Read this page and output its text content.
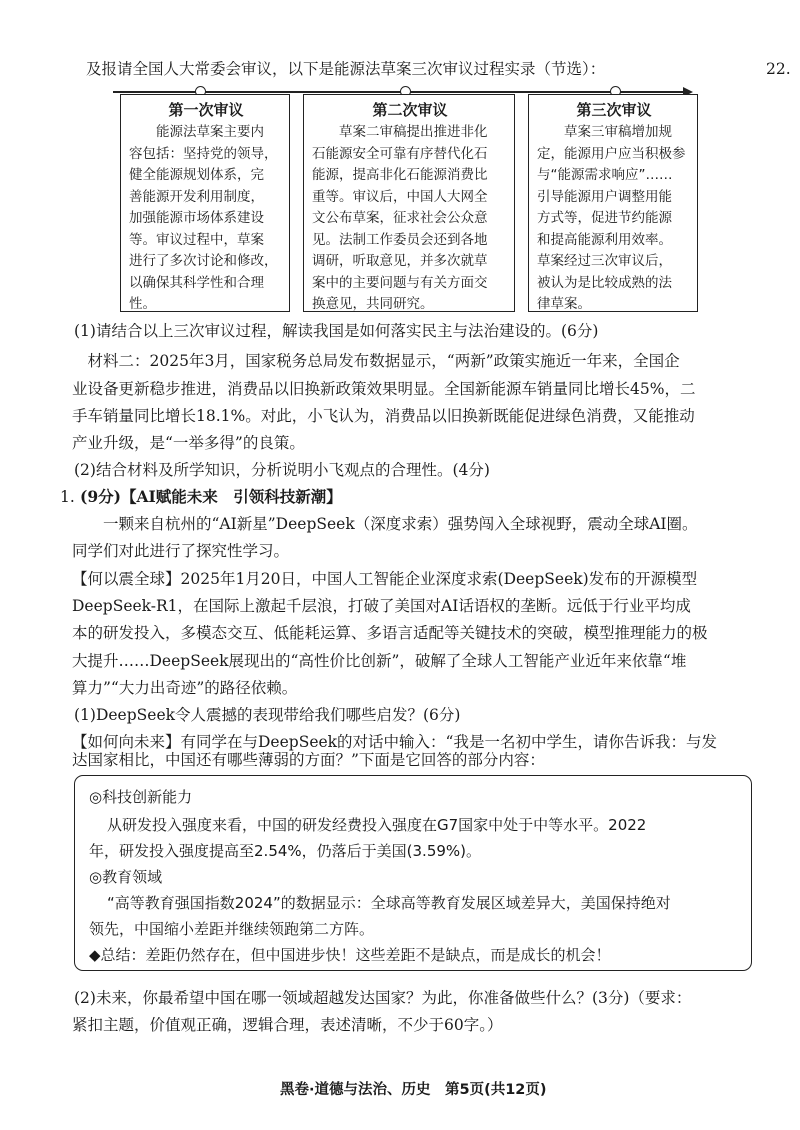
及报请全国人大常委会审议，以下是能源法草案三次审议过程实录（节选）：	22.
第一次审议
　　能源法草案主要内
容包括：坚持党的领导，
健全能源规划体系，完
善能源开发利用制度，
加强能源市场体系建设
等。审议过程中，草案
进行了多次讨论和修改，
以确保其科学性和合理
性。
第二次审议
　　草案二审稿提出推进非化
石能源安全可靠有序替代化石
能源，提高非化石能源消费比
重等。审议后，中国人大网全
文公布草案，征求社会公众意
见。法制工作委员会还到各地
调研，听取意见，并多次就草
案中的主要问题与有关方面交
换意见，共同研究。
第三次审议
　　草案三审稿增加规
定，能源用户应当积极参
与“能源需求响应”……
引导能源用户调整用能
方式等，促进节约能源
和提高能源利用效率。
草案经过三次审议后，
被认为是比较成熟的法
律草案。
(1)请结合以上三次审议过程，解读我国是如何落实民主与法治建设的。(6分)
　材料二：2025年3月，国家税务总局发布数据显示，“两新”政策实施近一年来，全国企
业设备更新稳步推进，消费品以旧换新政策效果明显。全国新能源车销量同比增长45%，二
手车销量同比增长18.1%。对此，小飞认为，消费品以旧换新既能促进绿色消费，又能推动
产业升级，是“一举多得”的良策。
(2)结合材料及所学知识，分析说明小飞观点的合理性。(4分)
1. (9分)【AI赋能未来　引领科技新潮】
　　一颗来自杭州的“AI新星”DeepSeek（深度求索）强势闯入全球视野，震动全球AI圈。
同学们对此进行了探究性学习。
【何以震全球】2025年1月20日，中国人工智能企业深度求索(DeepSeek)发布的开源模型
DeepSeek-R1，在国际上激起千层浪，打破了美国对AI话语权的垄断。远低于行业平均成
本的研发投入，多模态交互、低能耗运算、多语言适配等关键技术的突破，模型推理能力的极
大提升……DeepSeek展现出的“高性价比创新”，破解了全球人工智能产业近年来依靠“堆
算力”“大力出奇迹”的路径依赖。
(1)DeepSeek令人震撼的表现带给我们哪些启发？(6分)
【如何向未来】有同学在与DeepSeek的对话中输入：“我是一名初中学生，请你告诉我：与发
达国家相比，中国还有哪些薄弱的方面？”下面是它回答的部分内容：
◎科技创新能力
从研发投入强度来看，中国的研发经费投入强度在G7国家中处于中等水平。2022
年，研发投入强度提高至2.54%，仍落后于美国(3.59%)。
◎教育领域
“高等教育强国指数2024”的数据显示：全球高等教育发展区域差异大，美国保持绝对
领先，中国缩小差距并继续领跑第二方阵。
◆总结：差距仍然存在，但中国进步快！这些差距不是缺点，而是成长的机会！
(2)未来，你最希望中国在哪一领域超越发达国家？为此，你准备做些什么？(3分)（要求：
紧扣主题，价值观正确，逻辑合理，表述清晰，不少于60字。）
黑卷·道德与法治、历史　第5页(共12页)
